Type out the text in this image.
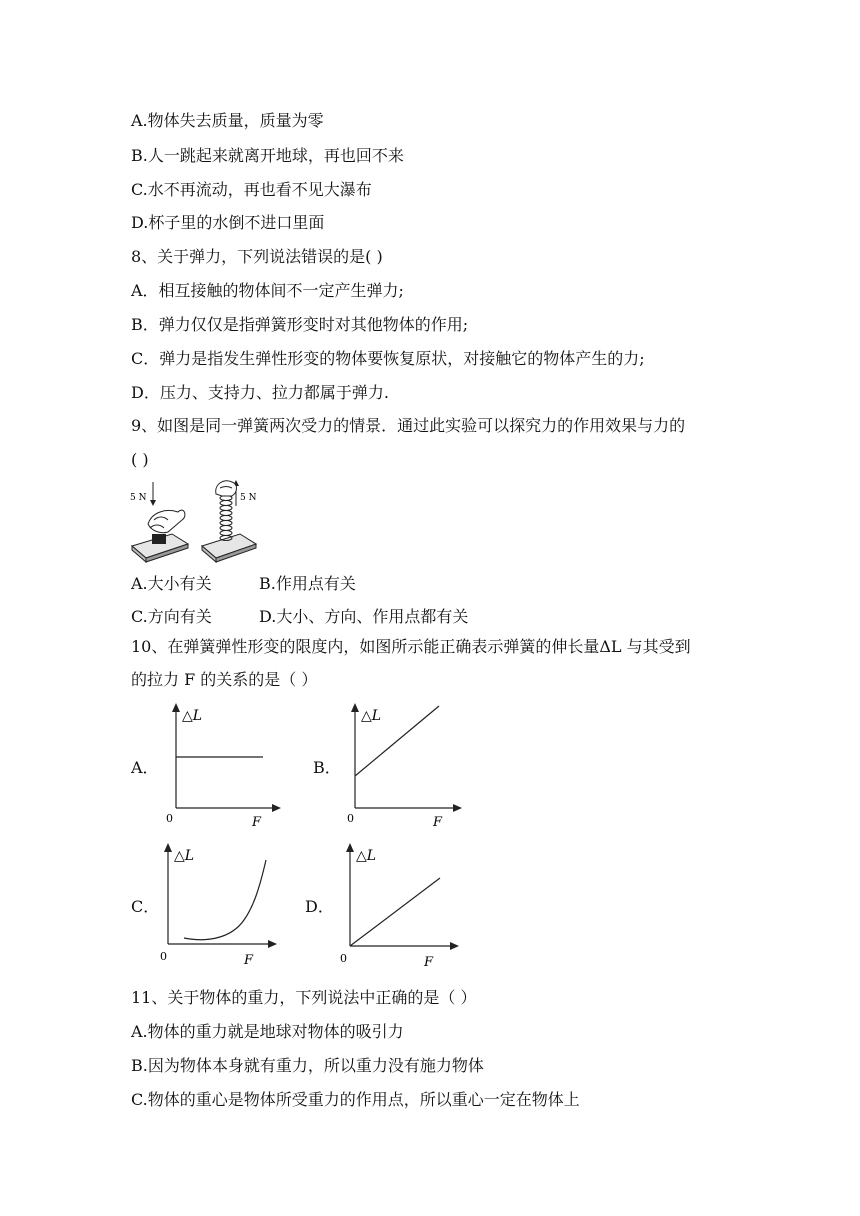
A.物体失去质量，质量为零
B.人一跳起来就离开地球，再也回不来
C.水不再流动，再也看不见大瀑布
D.杯子里的水倒不进口里面
8、关于弹力，下列说法错误的是( )
A．相互接触的物体间不一定产生弹力;
B．弹力仅仅是指弹簧形变时对其他物体的作用;
C．弹力是指发生弹性形变的物体要恢复原状，对接触它的物体产生的力;
D．压力、支持力、拉力都属于弹力.
9、如图是同一弹簧两次受力的情景．通过此实验可以探究力的作用效果与力的
( )
5 N	5 N
A.大小有关	B.作用点有关
C.方向有关	D.大小、方向、作用点都有关
10、在弹簧弹性形变的限度内，如图所示能正确表示弹簧的伸长量ΔL 与其受到
的拉力 F 的关系的是（ ）
A．
△L
F
0
B．
△L
F
0
C．
△L
F
0
D．
△L
F
0
11、关于物体的重力，下列说法中正确的是（ ）
A.物体的重力就是地球对物体的吸引力
B.因为物体本身就有重力，所以重力没有施力物体
C.物体的重心是物体所受重力的作用点，所以重心一定在物体上
